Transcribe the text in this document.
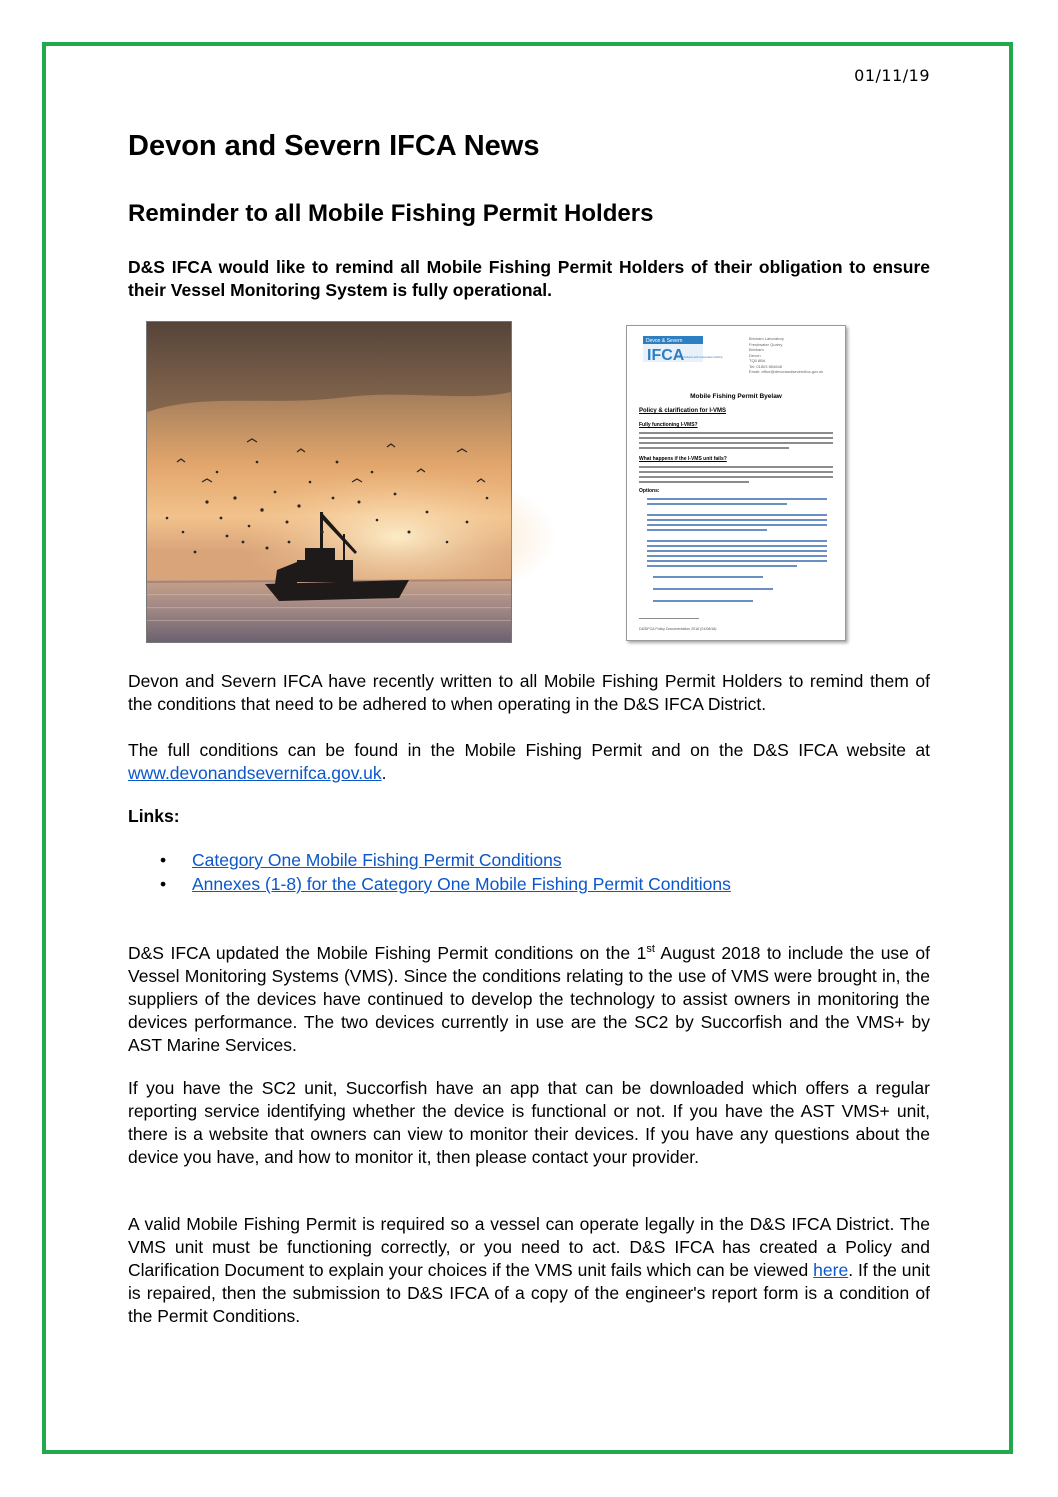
01/11/19
Devon and Severn IFCA News
Reminder to all Mobile Fishing Permit Holders

D&S IFCA would like to remind all Mobile Fishing Permit Holders of their obligation to ensure their Vessel Monitoring System is fully operational.

Devon & Severn
IFCA
Inshore Fisheries and Conservation Authority
Brixham Laboratory
Freshwater Quarry
Brixham
Devon
TQ5 8BA
Tel: 01803 854648
Email: office@devonandsevernifca.gov.uk
Mobile Fishing Permit Byelaw
Policy & clarification for I-VMS
Fully functioning I-VMS?
What happens if the I-VMS unit fails?
Options:
D&SIFCA Policy Documentation 2018 (01/08/18)

Devon and Severn IFCA have recently written to all Mobile Fishing Permit Holders to remind them of the conditions that need to be adhered to when operating in the D&S IFCA District.

The full conditions can be found in the Mobile Fishing Permit and on the D&S IFCA website at www.devonandsevernifca.gov.uk.

Links:

• Category One Mobile Fishing Permit Conditions
• Annexes (1-8) for the Category One Mobile Fishing Permit Conditions

D&S IFCA updated the Mobile Fishing Permit conditions on the 1st August 2018 to include the use of Vessel Monitoring Systems (VMS). Since the conditions relating to the use of VMS were brought in, the suppliers of the devices have continued to develop the technology to assist owners in monitoring the devices performance. The two devices currently in use are the SC2 by Succorfish and the VMS+ by AST Marine Services.

If you have the SC2 unit, Succorfish have an app that can be downloaded which offers a regular reporting service identifying whether the device is functional or not. If you have the AST VMS+ unit, there is a website that owners can view to monitor their devices. If you have any questions about the device you have, and how to monitor it, then please contact your provider.

A valid Mobile Fishing Permit is required so a vessel can operate legally in the D&S IFCA District. The VMS unit must be functioning correctly, or you need to act. D&S IFCA has created a Policy and Clarification Document to explain your choices if the VMS unit fails which can be viewed here. If the unit is repaired, then the submission to D&S IFCA of a copy of the engineer's report form is a condition of the Permit Conditions.
